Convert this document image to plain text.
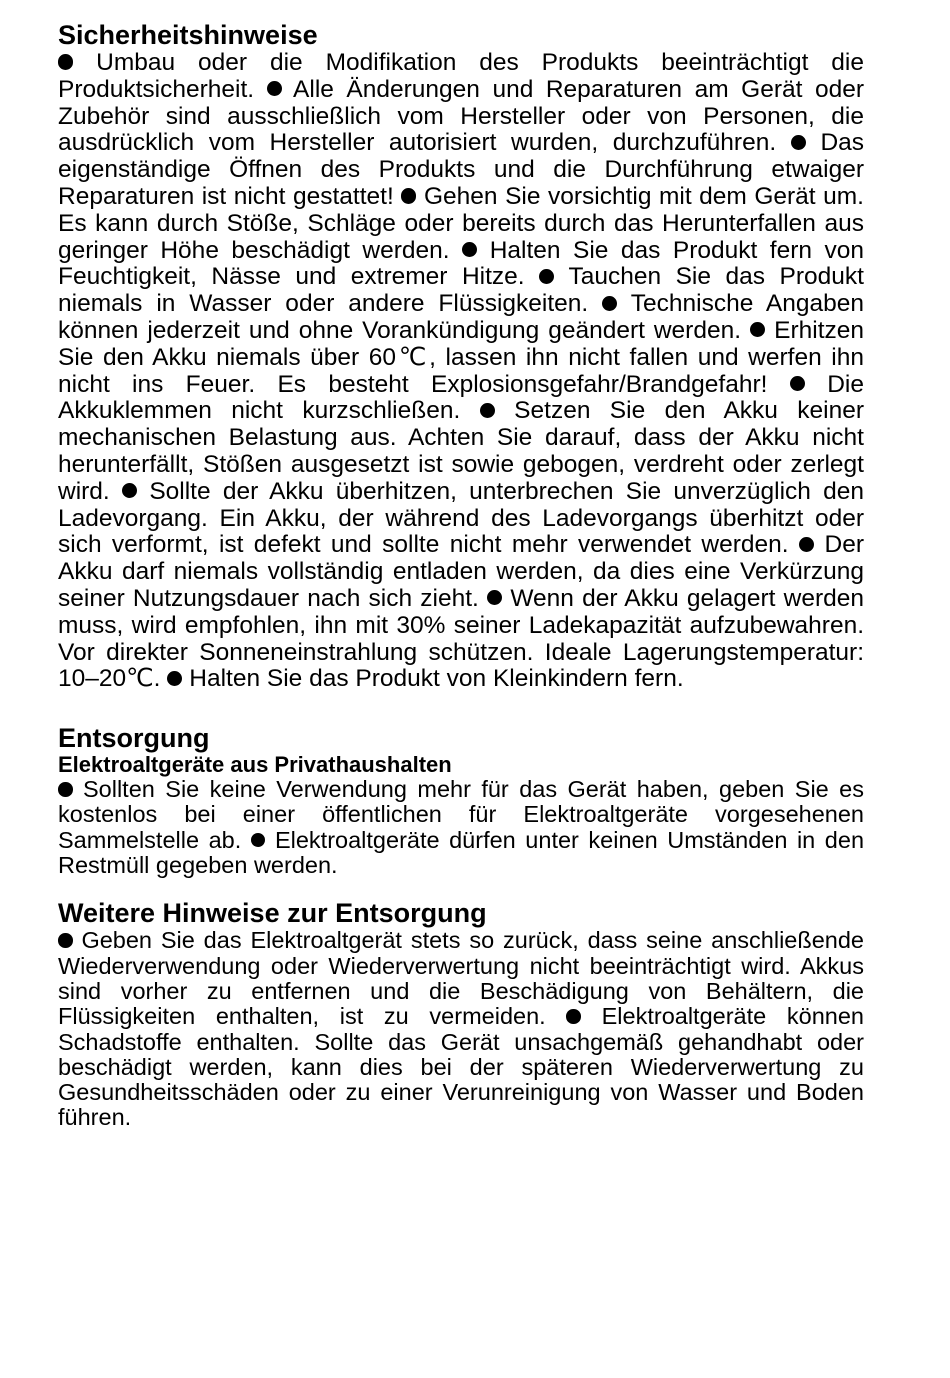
Sicherheitshinweise

Umbau oder die Modifikation des Produkts beeinträchtigt die Produktsicherheit. Alle Änderungen und Reparaturen am Gerät oder Zubehör sind ausschließlich vom Hersteller oder von Personen, die ausdrücklich vom Hersteller autorisiert wurden, durchzuführen. Das eigenständige Öffnen des Produkts und die Durchführung etwaiger Reparaturen ist nicht gestattet! Gehen Sie vorsichtig mit dem Gerät um. Es kann durch Stöße, Schläge oder bereits durch das Herunterfallen aus geringer Höhe beschädigt werden. Halten Sie das Produkt fern von Feuchtigkeit, Nässe und extremer Hitze. Tauchen Sie das Produkt niemals in Wasser oder andere Flüssigkeiten. Technische Angaben können jederzeit und ohne Vorankündigung geändert werden. Erhitzen Sie den Akku niemals über 60℃, lassen ihn nicht fallen und werfen ihn nicht ins Feuer. Es besteht Explosionsgefahr/Brandgefahr! Die Akkuklemmen nicht kurzschließen. Setzen Sie den Akku keiner mechanischen Belastung aus. Achten Sie darauf, dass der Akku nicht herunterfällt, Stößen ausgesetzt ist sowie gebogen, verdreht oder zerlegt wird. Sollte der Akku überhitzen, unterbrechen Sie unverzüglich den Ladevorgang. Ein Akku, der während des Ladevorgangs überhitzt oder sich verformt, ist defekt und sollte nicht mehr verwendet werden. Der Akku darf niemals vollständig entladen werden, da dies eine Verkürzung seiner Nutzungsdauer nach sich zieht. Wenn der Akku gelagert werden muss, wird empfohlen, ihn mit 30% seiner Ladekapazität aufzubewahren. Vor direkter Sonneneinstrahlung schützen. Ideale Lagerungstemperatur: 10–20℃. Halten Sie das Produkt von Kleinkindern fern.

Entsorgung
Elektroaltgeräte aus Privathaushalten

Sollten Sie keine Verwendung mehr für das Gerät haben, geben Sie es kostenlos bei einer öffentlichen für Elektroaltgeräte vorgesehenen Sammelstelle ab. Elektroaltgeräte dürfen unter keinen Umständen in den Restmüll gegeben werden.

Weitere Hinweise zur Entsorgung

Geben Sie das Elektroaltgerät stets so zurück, dass seine anschließende Wiederverwendung oder Wiederverwertung nicht beeinträchtigt wird. Akkus sind vorher zu entfernen und die Beschädigung von Behältern, die Flüssigkeiten enthalten, ist zu vermeiden. Elektroaltgeräte können Schadstoffe enthalten. Sollte das Gerät unsachgemäß gehandhabt oder beschädigt werden, kann dies bei der späteren Wiederverwertung zu Gesundheitsschäden oder zu einer Verunreinigung von Wasser und Boden führen.
